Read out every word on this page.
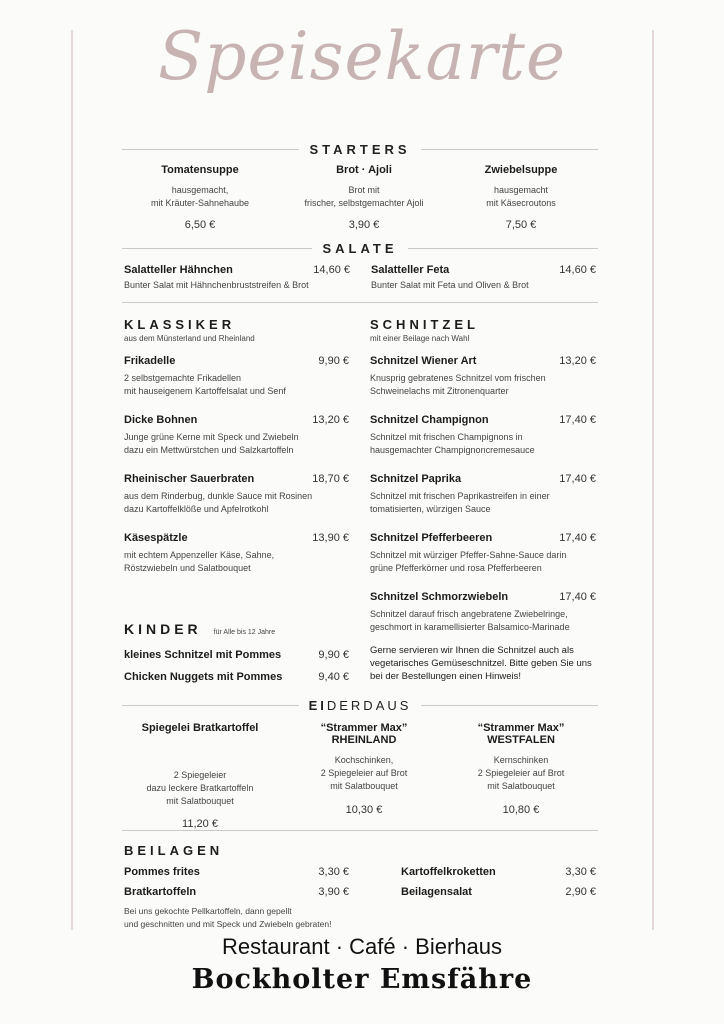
Speisekarte
STARTERS
Tomatensuppe
hausgemacht,
mit Kräuter-Sahnehaube
6,50 €
Brot · Ajoli
Brot mit
frischer, selbstgemachter Ajoli
3,90 €
Zwiebelsuppe
hausgemacht
mit Käsecroutons
7,50 €
SALATE
Salatteller Hähnchen	14,60 €
Bunter Salat mit Hähnchenbruststreifen & Brot
Salatteller Feta	14,60 €
Bunter Salat mit Feta und Oliven & Brot
KLASSIKER
aus dem Münsterland und Rheinland
Frikadelle	9,90 €
2 selbstgemachte Frikadellen
mit hauseigenem Kartoffelsalat und Senf
Dicke Bohnen	13,20 €
Junge grüne Kerne mit Speck und Zwiebeln
dazu ein Mettwürstchen und Salzkartoffeln
Rheinischer Sauerbraten	18,70 €
aus dem Rinderbug, dunkle Sauce mit Rosinen
dazu Kartoffelklöße und Apfelrotkohl
Käsespätzle	13,90 €
mit echtem Appenzeller Käse, Sahne,
Röstzwiebeln und Salatbouquet
KINDER für Alle bis 12 Jahre
kleines Schnitzel mit Pommes	9,90 €
Chicken Nuggets mit Pommes	9,40 €
SCHNITZEL
mit einer Beilage nach Wahl
Schnitzel Wiener Art	13,20 €
Knusprig gebratenes Schnitzel vom frischen
Schweinelachs mit Zitronenquarter
Schnitzel Champignon	17,40 €
Schnitzel mit frischen Champignons in
hausgemachter Champignoncremesauce
Schnitzel Paprika	17,40 €
Schnitzel mit frischen Paprikastreifen in einer
tomatisierten, würzigen Sauce
Schnitzel Pfefferbeeren	17,40 €
Schnitzel mit würziger Pfeffer-Sahne-Sauce darin
grüne Pfefferkörner und rosa Pfefferbeeren
Schnitzel Schmorzwiebeln	17,40 €
Schnitzel darauf frisch angebratene Zwiebelringe,
geschmort in karamellisierter Balsamico-Marinade
Gerne servieren wir Ihnen die Schnitzel auch als
vegetarisches Gemüseschnitzel. Bitte geben Sie uns
bei der Bestellungen einen Hinweis!
EIDERDAUS
Spiegelei Bratkartoffel
2 Spiegeleier
dazu leckere Bratkartoffeln
mit Salatbouquet
11,20 €
“Strammer Max”
RHEINLAND
Kochschinken,
2 Spiegeleier auf Brot
mit Salatbouquet
10,30 €
“Strammer Max”
WESTFALEN
Kernschinken
2 Spiegeleier auf Brot
mit Salatbouquet
10,80 €
BEILAGEN
Pommes frites	3,30 €
Bratkartoffeln	3,90 €
Kartoffelkroketten	3,30 €
Beilagensalat	2,90 €
Bei uns gekochte Pellkartoffeln, dann gepellt
und geschnitten und mit Speck und Zwiebeln gebraten!
Restaurant · Café · Bierhaus
Bockholter Emsfähre
